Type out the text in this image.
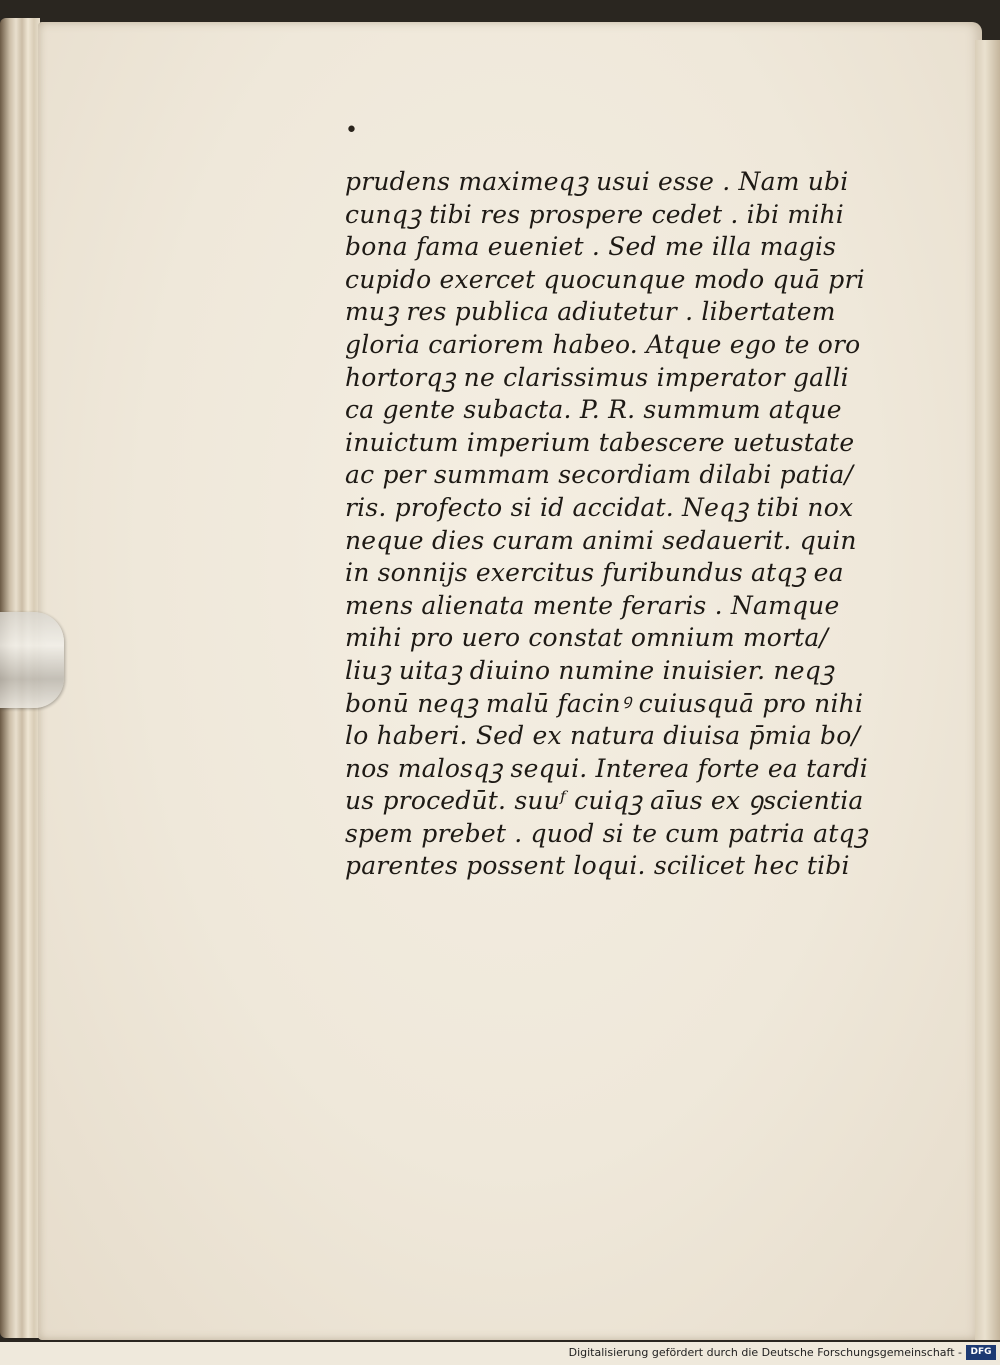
•
prudens maximeqꝫ usui esse . Nam ubi
cunqꝫ tibi res prospere cedet . ibi mihi
bona fama eueniet . Sed me illa magis
cupido exercet quocunque modo quā pri
muꝫ res publica adiutetur . libertatem
gloria cariorem habeo. Atque ego te oro
hortorqꝫ ne clarissimus imperator galli
ca gente subacta. P. R. summum atque
inuictum imperium tabescere uetustate
ac per summam secordiam dilabi patia/
ris. profecto si id accidat. Neqꝫ tibi nox
neque dies curam animi sedauerit. quin
in sonnijs exercitus furibundus atqꝫ ea
mens alienata mente feraris . Namque
mihi pro uero constat omnium morta/
liuꝫ uitaꝫ diuino numine inuisier. neqꝫ
bonū neqꝫ malū facinꝰ cuiusquā pro nihi
lo haberi. Sed ex natura diuisa p̄mia bo/
nos malosqꝫ sequi. Interea forte ea tardi
us procedūt. suuᶠ cuiqꝫ aīus ex ꝯscientia
spem prebet . quod si te cum patria atqꝫ
parentes possent loqui. scilicet hec tibi
Digitalisierung gefördert durch die Deutsche Forschungsgemeinschaft - DFG
